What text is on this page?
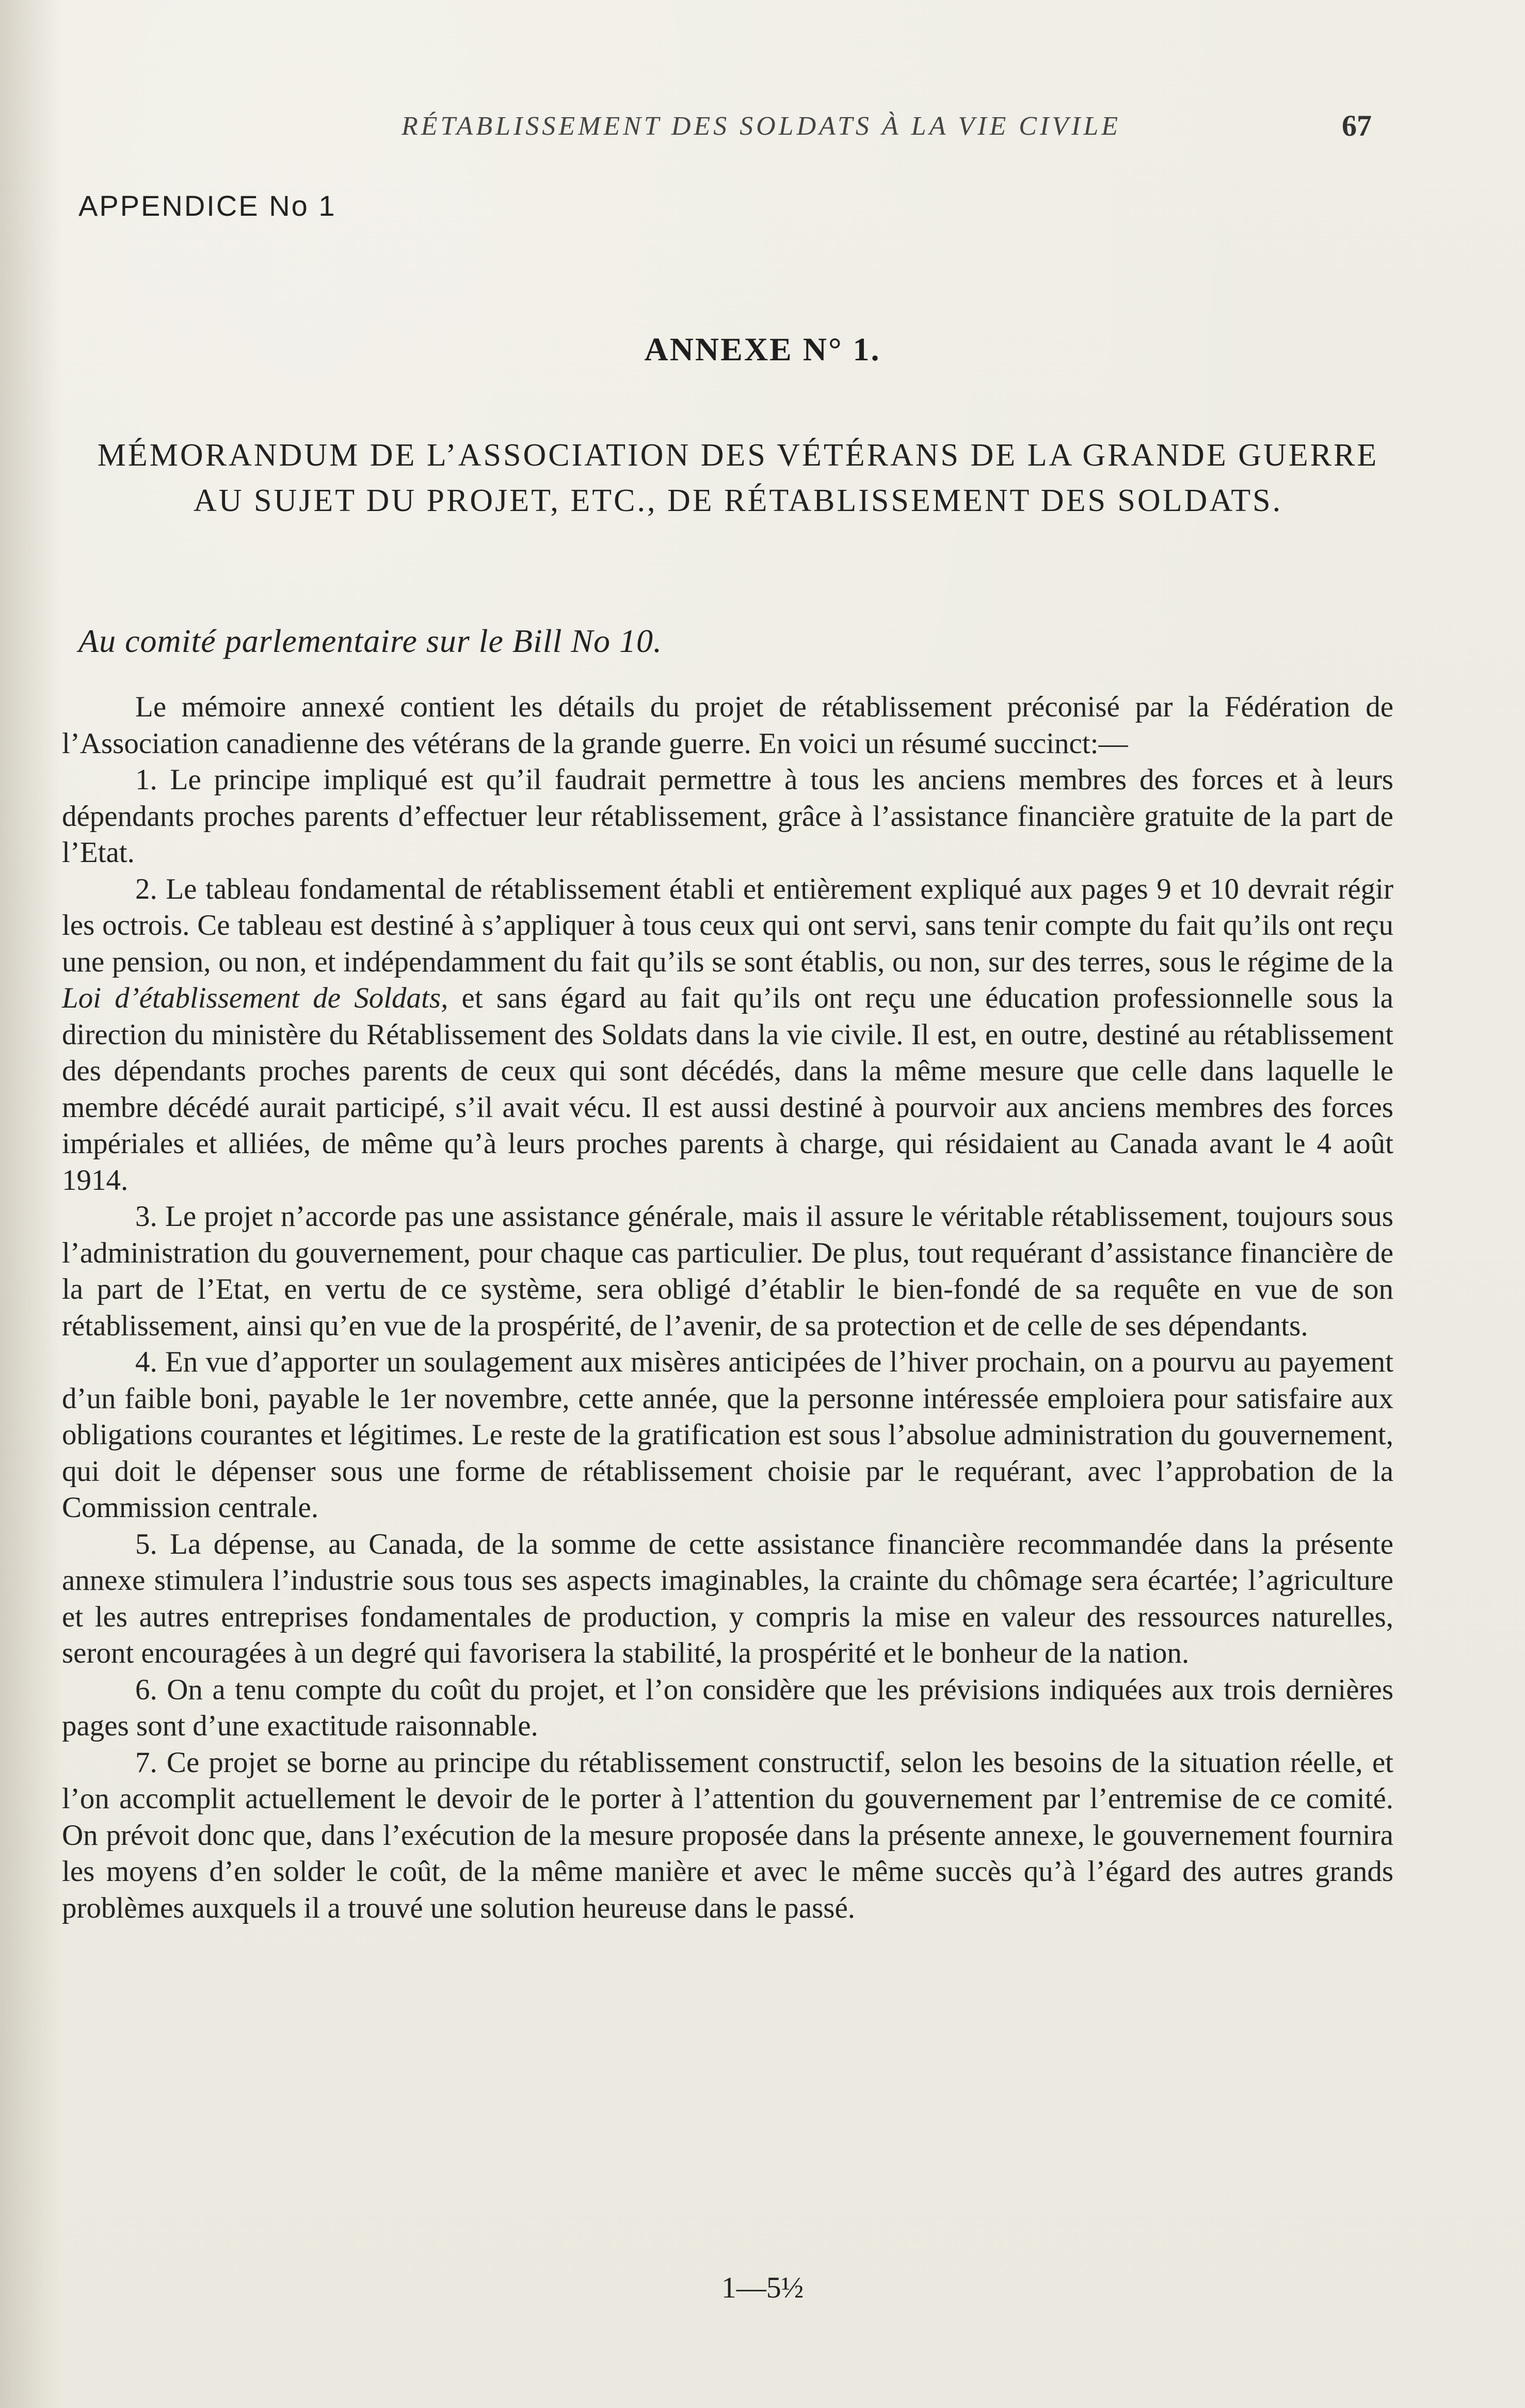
RÉTABLISSEMENT DES SOLDATS À LA VIE CIVILE	67
APPENDICE No 1
ANNEXE N° 1.
MÉMORANDUM DE L’ASSOCIATION DES VÉTÉRANS DE LA GRANDE GUERRE AU SUJET DU PROJET, ETC., DE RÉTABLISSEMENT DES SOLDATS.
Au comité parlementaire sur le Bill No 10.

Le mémoire annexé contient les détails du projet de rétablissement préconisé par la Fédération de l’Association canadienne des vétérans de la grande guerre. En voici un résumé succinct:—

1. Le principe impliqué est qu’il faudrait permettre à tous les anciens membres des forces et à leurs dépendants proches parents d’effectuer leur rétablissement, grâce à l’assistance financière gratuite de la part de l’Etat.

2. Le tableau fondamental de rétablissement établi et entièrement expliqué aux pages 9 et 10 devrait régir les octrois. Ce tableau est destiné à s’appliquer à tous ceux qui ont servi, sans tenir compte du fait qu’ils ont reçu une pension, ou non, et indépendamment du fait qu’ils se sont établis, ou non, sur des terres, sous le régime de la Loi d’établissement de Soldats, et sans égard au fait qu’ils ont reçu une éducation professionnelle sous la direction du ministère du Rétablissement des Soldats dans la vie civile. Il est, en outre, destiné au rétablissement des dépendants proches parents de ceux qui sont décédés, dans la même mesure que celle dans laquelle le membre décédé aurait participé, s’il avait vécu. Il est aussi destiné à pourvoir aux anciens membres des forces impériales et alliées, de même qu’à leurs proches parents à charge, qui résidaient au Canada avant le 4 août 1914.

3. Le projet n’accorde pas une assistance générale, mais il assure le véritable rétablissement, toujours sous l’administration du gouvernement, pour chaque cas particulier. De plus, tout requérant d’assistance financière de la part de l’Etat, en vertu de ce système, sera obligé d’établir le bien-fondé de sa requête en vue de son rétablissement, ainsi qu’en vue de la prospérité, de l’avenir, de sa protection et de celle de ses dépendants.

4. En vue d’apporter un soulagement aux misères anticipées de l’hiver prochain, on a pourvu au payement d’un faible boni, payable le 1er novembre, cette année, que la personne intéressée emploiera pour satisfaire aux obligations courantes et légitimes. Le reste de la gratification est sous l’absolue administration du gouvernement, qui doit le dépenser sous une forme de rétablissement choisie par le requérant, avec l’approbation de la Commission centrale.

5. La dépense, au Canada, de la somme de cette assistance financière recommandée dans la présente annexe stimulera l’industrie sous tous ses aspects imaginables, la crainte du chômage sera écartée; l’agriculture et les autres entreprises fondamentales de production, y compris la mise en valeur des ressources naturelles, seront encouragées à un degré qui favorisera la stabilité, la prospérité et le bonheur de la nation.

6. On a tenu compte du coût du projet, et l’on considère que les prévisions indiquées aux trois dernières pages sont d’une exactitude raisonnable.

7. Ce projet se borne au principe du rétablissement constructif, selon les besoins de la situation réelle, et l’on accomplit actuellement le devoir de le porter à l’attention du gouvernement par l’entremise de ce comité. On prévoit donc que, dans l’exécution de la mesure proposée dans la présente annexe, le gouvernement fournira les moyens d’en solder le coût, de la même manière et avec le même succès qu’à l’égard des autres grands problèmes auxquels il a trouvé une solution heureuse dans le passé.

1—5½
